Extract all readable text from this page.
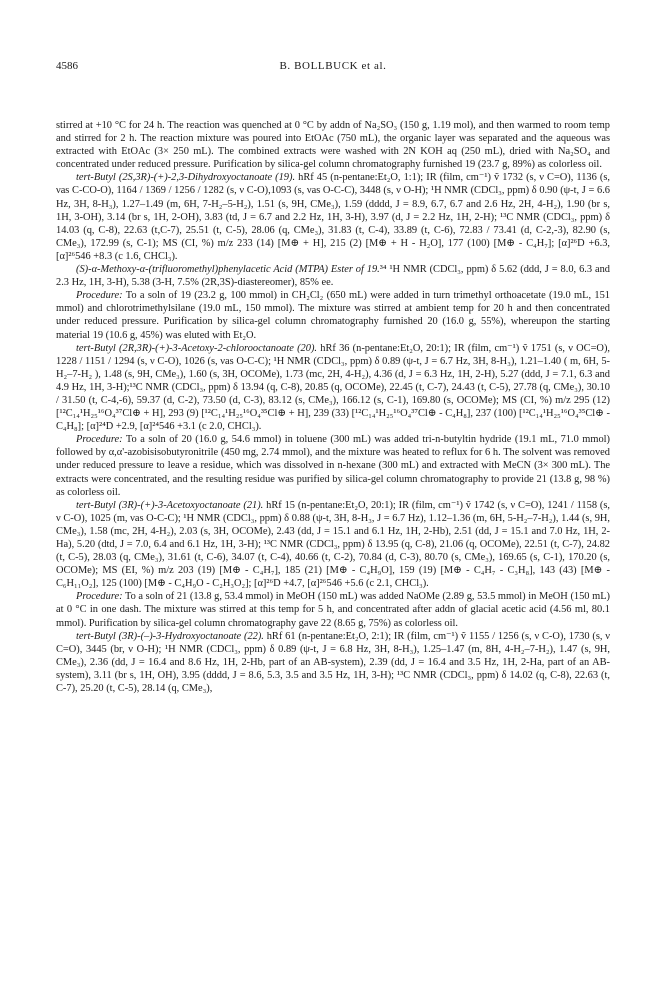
4586	B. BOLLBUCK et al.

stirred at +10 °C for 24 h. The reaction was quenched at 0 °C by addn of Na₂SO₃ (150 g, 1.19 mol), and then warmed to room temp and stirred for 2 h. The reaction mixture was poured into EtOAc (750 mL), the organic layer was separated and the aqueous was extracted with EtOAc (3× 250 mL). The combined extracts were washed with 2N KOH aq (250 mL), dried with Na₂SO₄ and concentrated under reduced pressure. Purification by silica-gel column chromatography furnished 19 (23.7 g, 89%) as colorless oil.

tert-Butyl (2S,3R)-(+)-2,3-Dihydroxyoctanoate (19). hRf 45 (n-pentane:Et₂O, 1:1); IR (film, cm⁻¹) ṽ 1732 (s, ν C=O), 1136 (s, νas C-CO-O), 1164 / 1369 / 1256 / 1282 (s, ν C-O),1093 (s, νas O-C-C), 3448 (s, ν O-H); ¹H NMR (CDCl₃, ppm) δ 0.90 (ψ-t, J = 6.6 Hz, 3H, 8-H₃), 1.27–1.49 (m, 6H, 7-H₂–5-H₂), 1.51 (s, 9H, CMe₃), 1.59 (dddd, J = 8.9, 6.7, 6.7 and 2.6 Hz, 2H, 4-H₂), 1.90 (br s, 1H, 3-OH), 3.14 (br s, 1H, 2-OH), 3.83 (td, J = 6.7 and 2.2 Hz, 1H, 3-H), 3.97 (d, J = 2.2 Hz, 1H, 2-H); ¹³C NMR (CDCl₃, ppm) δ 14.03 (q, C-8), 22.63 (t,C-7), 25.51 (t, C-5), 28.06 (q, CMe₃), 31.83 (t, C-4), 33.89 (t, C-6), 72.83 / 73.41 (d, C-2,-3), 82.90 (s, CMe₃), 172.99 (s, C-1); MS (CI, %) m/z 233 (14) [M⊕ + H], 215 (2) [M⊕ + H - H₂O], 177 (100) [M⊕ - C₄H₇]; [α]²⁶D +6.3, [α]²⁶546 +8.3 (c 1.6, CHCl₃).

(S)-α-Methoxy-α-(trifluoromethyl)phenylacetic Acid (MTPA) Ester of 19.³⁴ ¹H NMR (CDCl₃, ppm) δ 5.62 (ddd, J = 8.0, 6.3 and 2.3 Hz, 1H, 3-H), 5.38 (3-H, 7.5% (2R,3S)-diastereomer), 85% ee.

Procedure: To a soln of 19 (23.2 g, 100 mmol) in CH₂Cl₂ (650 mL) were added in turn trimethyl orthoacetate (19.0 mL, 151 mmol) and chlorotrimethylsilane (19.0 mL, 150 mmol). The mixture was stirred at ambient temp for 20 h and then concentrated under reduced pressure. Purification by silica-gel column chromatography furnished 20 (16.0 g, 55%), whereupon the starting material 19 (10.6 g, 45%) was eluted with Et₂O.

tert-Butyl (2R,3R)-(+)-3-Acetoxy-2-chlorooctanoate (20). hRf 36 (n-pentane:Et₂O, 20:1); IR (film, cm⁻¹) ṽ 1751 (s, ν OC=O), 1228 / 1151 / 1294 (s, ν C-O), 1026 (s, νas O-C-C); ¹H NMR (CDCl₃, ppm) δ 0.89 (ψ-t, J = 6.7 Hz, 3H, 8-H₃), 1.21–1.40 ( m, 6H, 5-H₂–7-H₂ ), 1.48 (s, 9H, CMe₃), 1.60 (s, 3H, OCOMe), 1.73 (mc, 2H, 4-H₂), 4.36 (d, J = 6.3 Hz, 1H, 2-H), 5.27 (ddd, J = 7.1, 6.3 and 4.9 Hz, 1H, 3-H);¹³C NMR (CDCl₃, ppm) δ 13.94 (q, C-8), 20.85 (q, OCOMe), 22.45 (t, C-7), 24.43 (t, C-5), 27.78 (q, CMe₃), 30.10 / 31.50 (t, C-4,-6), 59.37 (d, C-2), 73.50 (d, C-3), 83.12 (s, CMe₃), 166.12 (s, C-1), 169.80 (s, OCOMe); MS (CI, %) m/z 295 (12) [¹²C₁₄¹H₂₅¹⁶O₄³⁷Cl⊕ + H], 293 (9) [¹²C₁₄¹H₂₅¹⁶O₄³⁵Cl⊕ + H], 239 (33) [¹²C₁₄¹H₂₅¹⁶O₄³⁷Cl⊕ - C₄H₈], 237 (100) [¹²C₁₄¹H₂₅¹⁶O₄³⁵Cl⊕ - C₄H₈]; [α]²⁴D +2.9, [α]²⁴546 +3.1 (c 2.0, CHCl₃).

Procedure: To a soln of 20 (16.0 g, 54.6 mmol) in toluene (300 mL) was added tri-n-butyltin hydride (19.1 mL, 71.0 mmol) followed by α,α'-azobisisobutyronitrile (450 mg, 2.74 mmol), and the mixture was heated to reflux for 6 h. The solvent was removed under reduced pressure to leave a residue, which was dissolved in n-hexane (300 mL) and extracted with MeCN (3× 300 mL). The extracts were concentrated, and the resulting residue was purified by silica-gel column chromatography to provide 21 (13.8 g, 98 %) as colorless oil.

tert-Butyl (3R)-(+)-3-Acetoxyoctanoate (21). hRf 15 (n-pentane:Et₂O, 20:1); IR (film, cm⁻¹) ṽ 1742 (s, ν C=O), 1241 / 1158 (s, ν C-O), 1025 (m, νas O-C-C); ¹H NMR (CDCl₃, ppm) δ 0.88 (ψ-t, 3H, 8-H₃, J = 6.7 Hz), 1.12–1.36 (m, 6H, 5-H₂–7-H₂), 1.44 (s, 9H, CMe₃), 1.58 (mc, 2H, 4-H₂), 2.03 (s, 3H, OCOMe), 2.43 (dd, J = 15.1 and 6.1 Hz, 1H, 2-Hb), 2.51 (dd, J = 15.1 and 7.0 Hz, 1H, 2-Ha), 5.20 (dtd, J = 7.0, 6.4 and 6.1 Hz, 1H, 3-H); ¹³C NMR (CDCl₃, ppm) δ 13.95 (q, C-8), 21.06 (q, OCOMe), 22.51 (t, C-7), 24.82 (t, C-5), 28.03 (q, CMe₃), 31.61 (t, C-6), 34.07 (t, C-4), 40.66 (t, C-2), 70.84 (d, C-3), 80.70 (s, CMe₃), 169.65 (s, C-1), 170.20 (s, OCOMe); MS (EI, %) m/z 203 (19) [M⊕ - C₄H₇], 185 (21) [M⊕ - C₄H₉O], 159 (19) [M⊕ - C₄H₇ - C₃H₈], 143 (43) [M⊕ - C₆H₁₁O₂], 125 (100) [M⊕ - C₄H₉O - C₂H₃O₂]; [α]²⁶D +4.7, [α]²⁶546 +5.6 (c 2.1, CHCl₃).

Procedure: To a soln of 21 (13.8 g, 53.4 mmol) in MeOH (150 mL) was added NaOMe (2.89 g, 53.5 mmol) in MeOH (150 mL) at 0 °C in one dash. The mixture was stirred at this temp for 5 h, and concentrated after addn of glacial acetic acid (4.56 ml, 80.1 mmol). Purification by silica-gel column chromatography gave 22 (8.65 g, 75%) as colorless oil.

tert-Butyl (3R)-(–)-3-Hydroxyoctanoate (22). hRf 61 (n-pentane:Et₂O, 2:1); IR (film, cm⁻¹) ṽ 1155 / 1256 (s, ν C-O), 1730 (s, ν C=O), 3445 (br, ν O-H); ¹H NMR (CDCl₃, ppm) δ 0.89 (ψ-t, J = 6.8 Hz, 3H, 8-H₃), 1.25–1.47 (m, 8H, 4-H₂–7-H₂), 1.47 (s, 9H, CMe₃), 2.36 (dd, J = 16.4 and 8.6 Hz, 1H, 2-Hb, part of an AB-system), 2.39 (dd, J = 16.4 and 3.5 Hz, 1H, 2-Ha, part of an AB-system), 3.11 (br s, 1H, OH), 3.95 (dddd, J = 8.6, 5.3, 3.5 and 3.5 Hz, 1H, 3-H); ¹³C NMR (CDCl₃, ppm) δ 14.02 (q, C-8), 22.63 (t, C-7), 25.20 (t, C-5), 28.14 (q, CMe₃),
